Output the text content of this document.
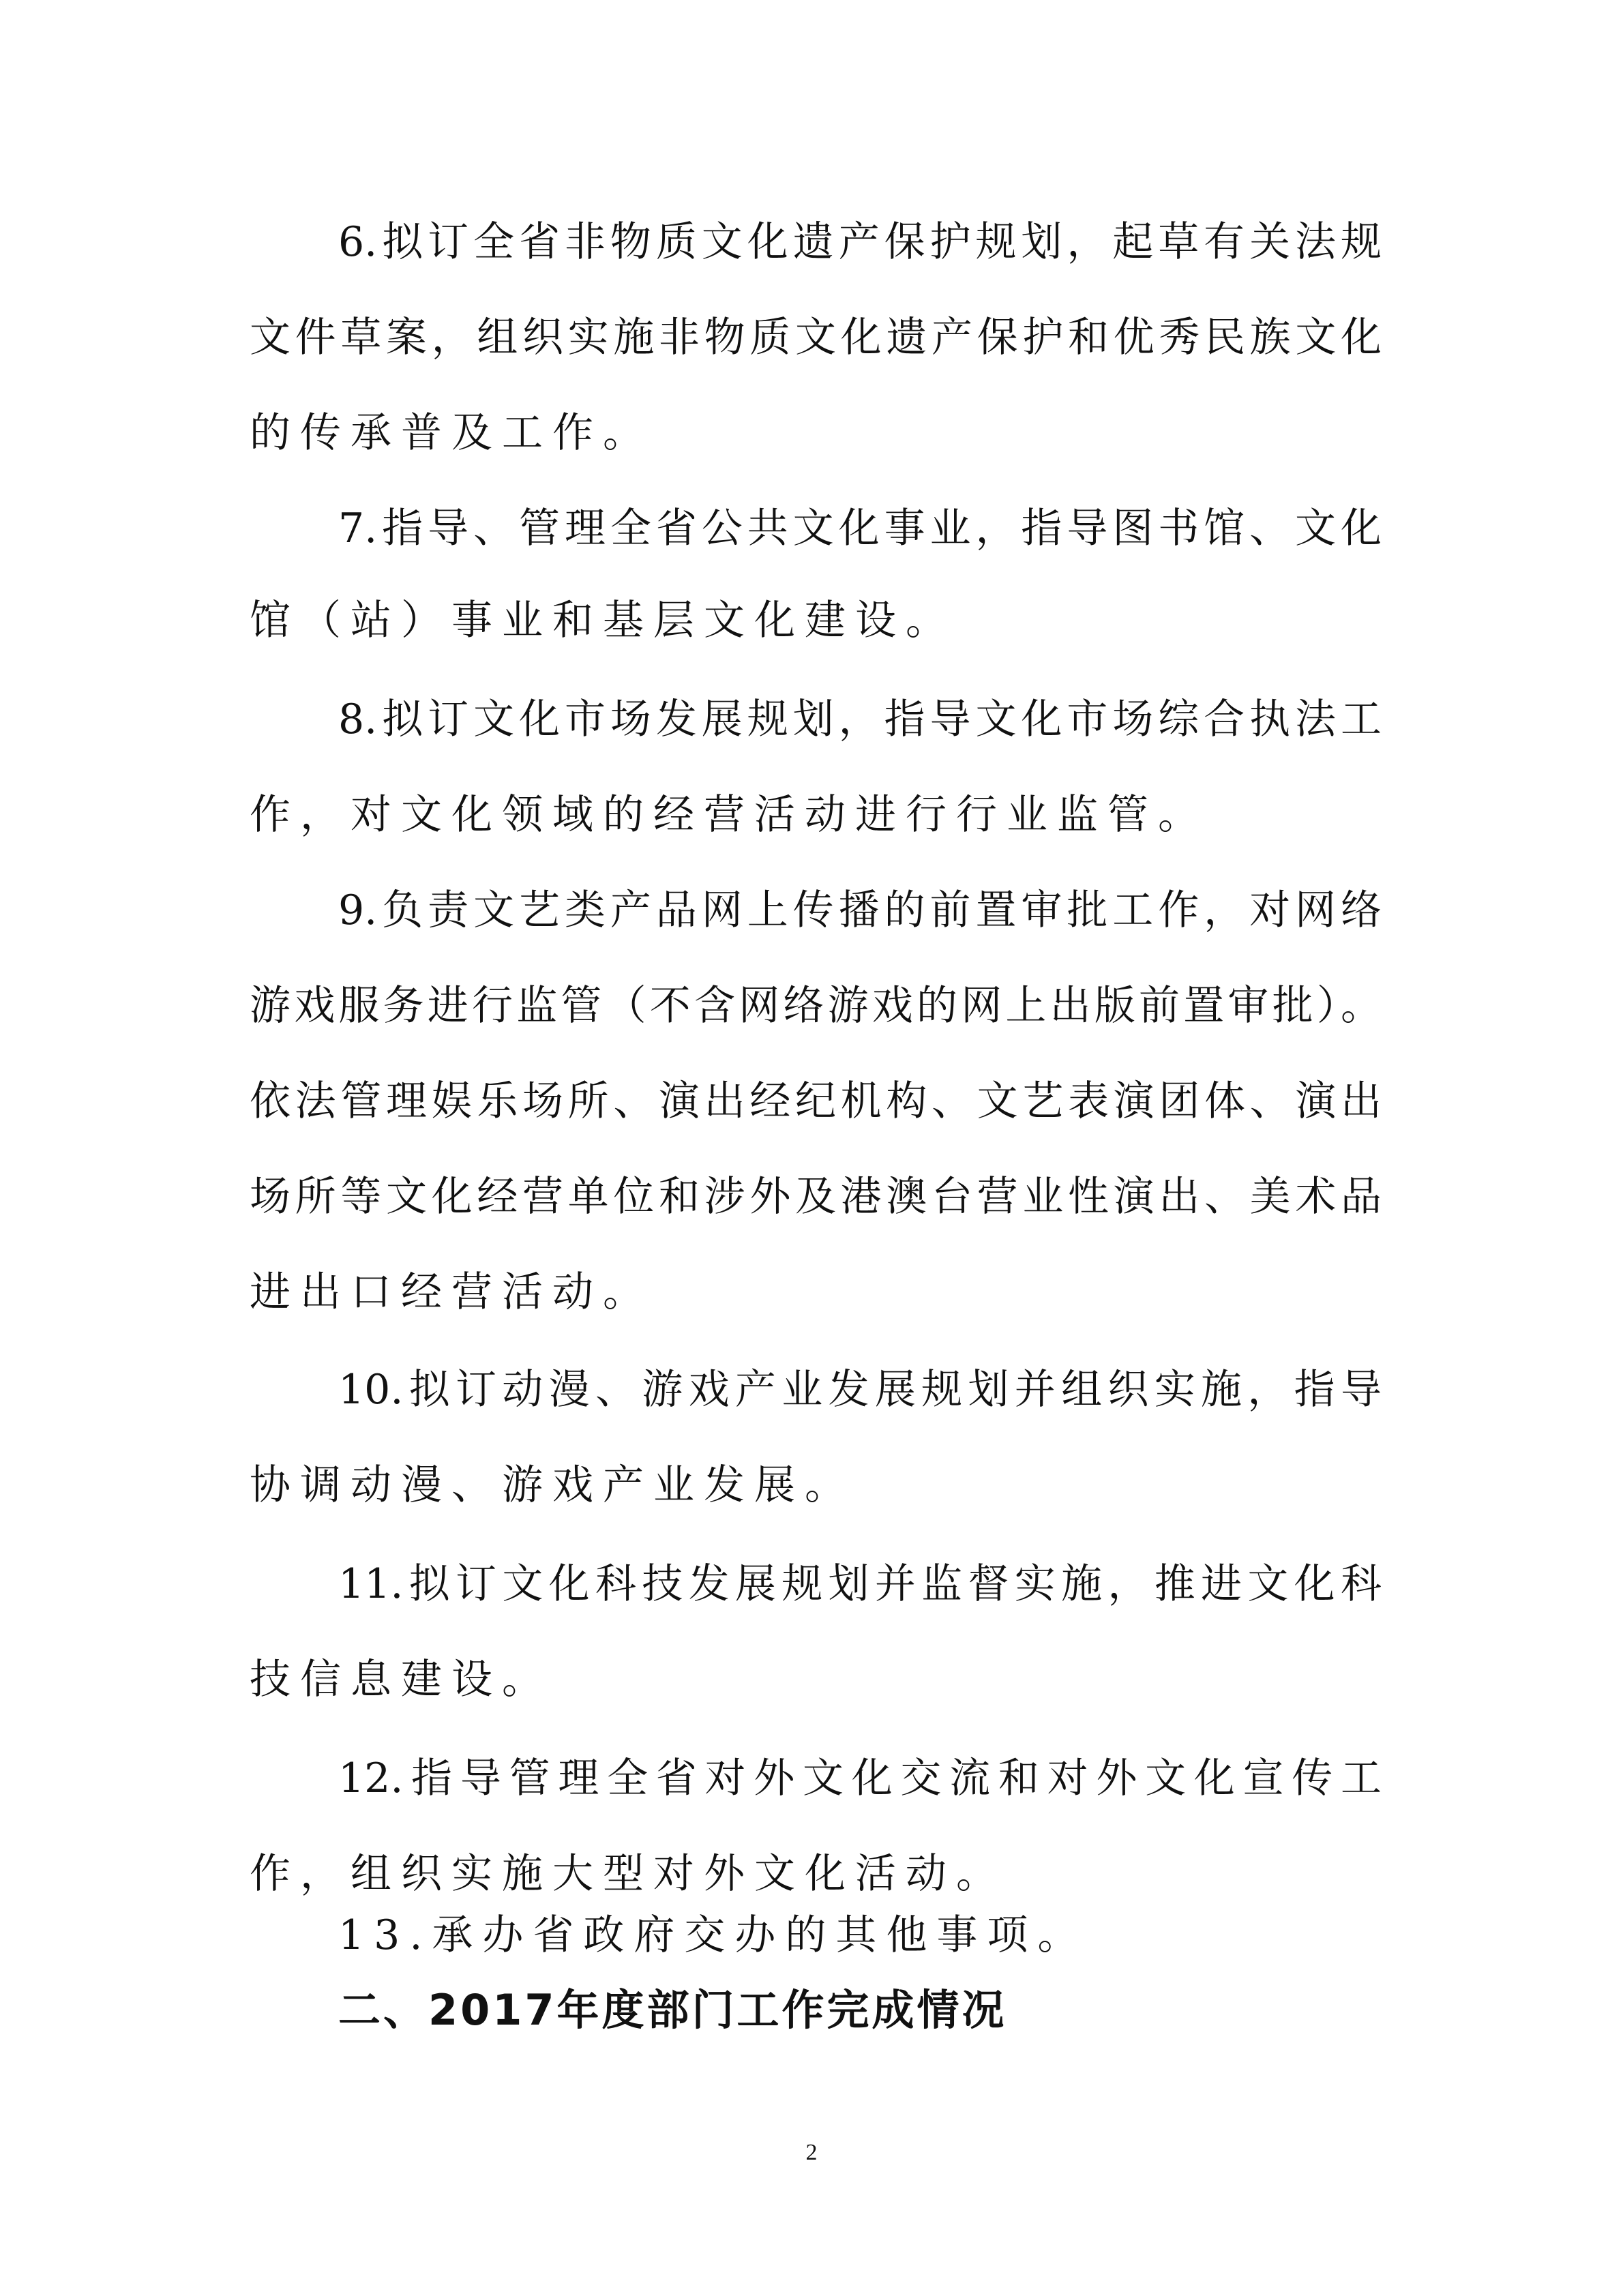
6.拟订全省非物质文化遗产保护规划，起草有关法规
文件草案，组织实施非物质文化遗产保护和优秀民族文化
的传承普及工作。
7.指导、管理全省公共文化事业，指导图书馆、文化
馆（站）事业和基层文化建设。
8.拟订文化市场发展规划，指导文化市场综合执法工
作，对文化领域的经营活动进行行业监管。
9.负责文艺类产品网上传播的前置审批工作，对网络
游戏服务进行监管（不含网络游戏的网上出版前置审批）。
依法管理娱乐场所、演出经纪机构、文艺表演团体、演出
场所等文化经营单位和涉外及港澳台营业性演出、美术品
进出口经营活动。
10.拟订动漫、游戏产业发展规划并组织实施，指导
协调动漫、游戏产业发展。
11.拟订文化科技发展规划并监督实施，推进文化科
技信息建设。
12.指导管理全省对外文化交流和对外文化宣传工
作，组织实施大型对外文化活动。
13.承办省政府交办的其他事项。
二、2017年度部门工作完成情况
2
